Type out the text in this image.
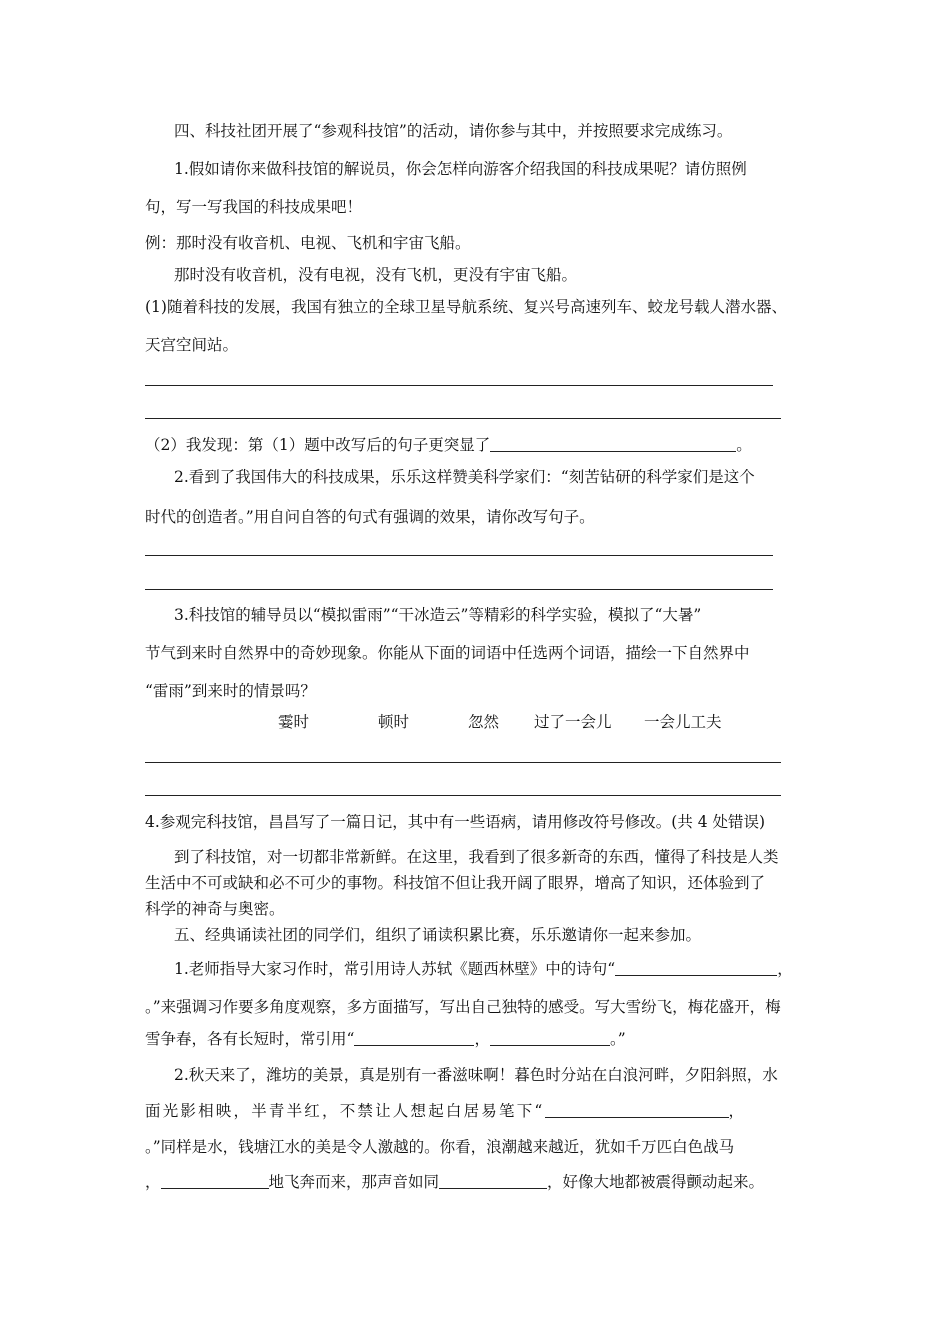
四、科技社团开展了“参观科技馆”的活动，请你参与其中，并按照要求完成练习。
1.假如请你来做科技馆的解说员，你会怎样向游客介绍我国的科技成果呢？请仿照例
句，写一写我国的科技成果吧！
例：那时没有收音机、电视、飞机和宇宙飞船。
那时没有收音机，没有电视，没有飞机，更没有宇宙飞船。
(1)随着科技的发展，我国有独立的全球卫星导航系统、复兴号高速列车、蛟龙号载人潜水器、
天宫空间站。
（2）我发现：第（1）题中改写后的句子更突显了	。
2.看到了我国伟大的科技成果，乐乐这样赞美科学家们：“刻苦钻研的科学家们是这个
时代的创造者。”用自问自答的句式有强调的效果，请你改写句子。
3.科技馆的辅导员以“模拟雷雨”“干冰造云”等精彩的科学实验，模拟了“大暑”
节气到来时自然界中的奇妙现象。你能从下面的词语中任选两个词语，描绘一下自然界中
“雷雨”到来时的情景吗？
霎时	顿时	忽然 过了一会儿 一会儿工夫
4.参观完科技馆，昌昌写了一篇日记，其中有一些语病，请用修改符号修改。(共 4 处错误)
到了科技馆，对一切都非常新鲜。在这里，我看到了很多新奇的东西，懂得了科技是人类
生活中不可或缺和必不可少的事物。科技馆不但让我开阔了眼界，增高了知识，还体验到了
科学的神奇与奥密。
五、经典诵读社团的同学们，组织了诵读积累比赛，乐乐邀请你一起来参加。
1.老师指导大家习作时，常引用诗人苏轼《题西林壁》中的诗句“	，
。”来强调习作要多角度观察，多方面描写，写出自己独特的感受。写大雪纷飞，梅花盛开，梅
雪争春，各有长短时，常引用“	，	。”
2.秋天来了，潍坊的美景，真是别有一番滋味啊！暮色时分站在白浪河畔，夕阳斜照，水
面光影相映，半青半红，不禁让人想起白居易笔下“	，
。”同样是水，钱塘江水的美是令人激越的。你看，浪潮越来越近，犹如千万匹白色战马
，	地飞奔而来，那声音如同	，好像大地都被震得颤动起来。
